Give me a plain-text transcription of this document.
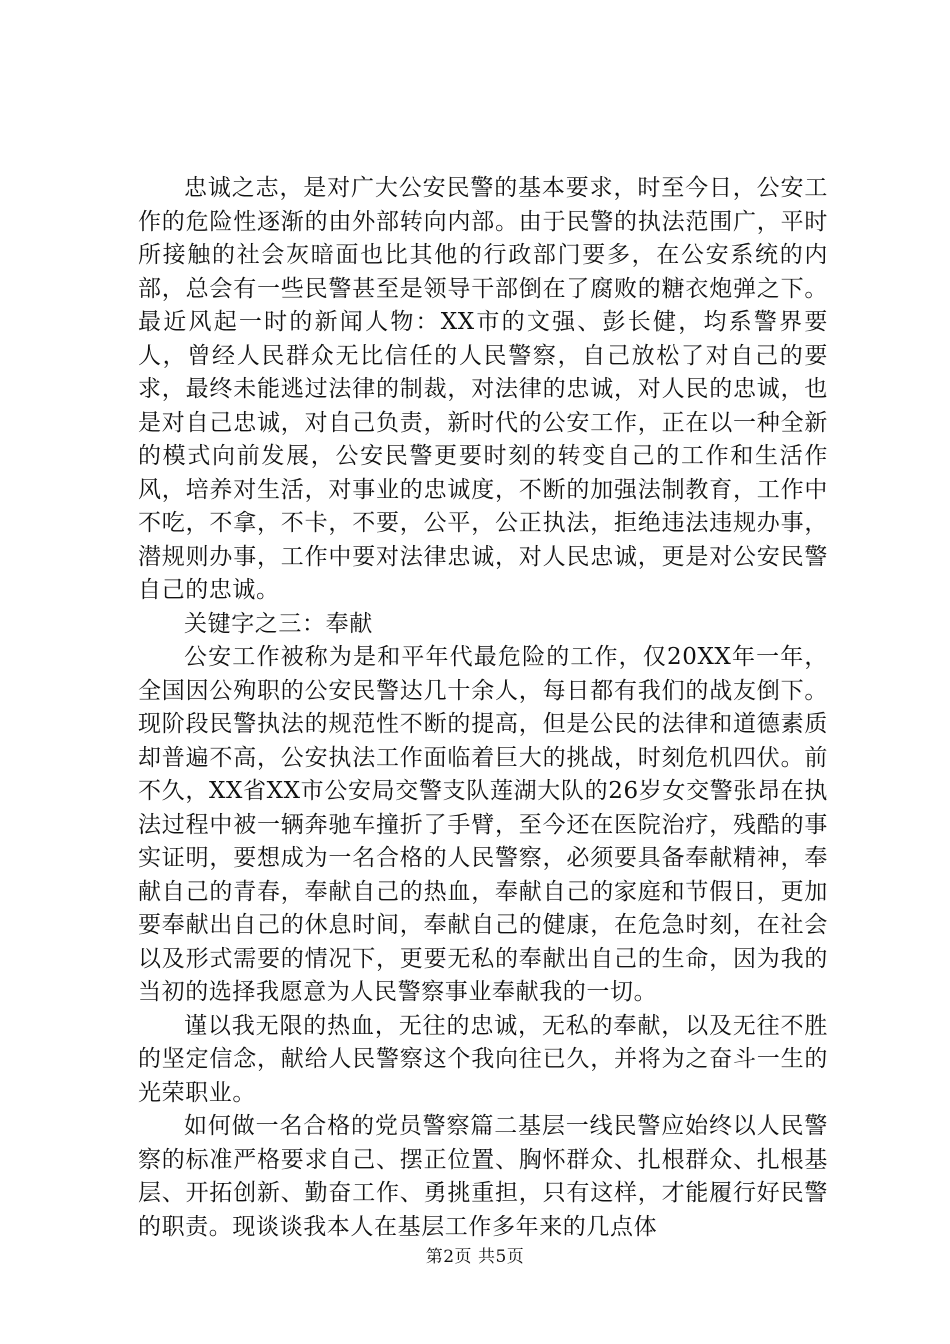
忠诚之志，是对广大公安民警的基本要求，时至今日，公安工作的危险性逐渐的由外部转向内部。由于民警的执法范围广，平时所接触的社会灰暗面也比其他的行政部门要多，在公安系统的内部，总会有一些民警甚至是领导干部倒在了腐败的糖衣炮弹之下。最近风起一时的新闻人物：XX市的文强、彭长健，均系警界要人，曾经人民群众无比信任的人民警察，自己放松了对自己的要求，最终未能逃过法律的制裁，对法律的忠诚，对人民的忠诚，也是对自己忠诚，对自己负责，新时代的公安工作，正在以一种全新的模式向前发展，公安民警更要时刻的转变自己的工作和生活作风，培养对生活，对事业的忠诚度，不断的加强法制教育，工作中不吃，不拿，不卡，不要，公平，公正执法，拒绝违法违规办事，潜规则办事，工作中要对法律忠诚，对人民忠诚，更是对公安民警自己的忠诚。

关键字之三：奉献

公安工作被称为是和平年代最危险的工作，仅20XX年一年，全国因公殉职的公安民警达几十余人，每日都有我们的战友倒下。现阶段民警执法的规范性不断的提高，但是公民的法律和道德素质却普遍不高，公安执法工作面临着巨大的挑战，时刻危机四伏。前不久，XX省XX市公安局交警支队莲湖大队的26岁女交警张昂在执法过程中被一辆奔驰车撞折了手臂，至今还在医院治疗，残酷的事实证明，要想成为一名合格的人民警察，必须要具备奉献精神，奉献自己的青春，奉献自己的热血，奉献自己的家庭和节假日，更加要奉献出自己的休息时间，奉献自己的健康，在危急时刻，在社会以及形式需要的情况下，更要无私的奉献出自己的生命，因为我的当初的选择我愿意为人民警察事业奉献我的一切。

谨以我无限的热血，无往的忠诚，无私的奉献，以及无往不胜的坚定信念，献给人民警察这个我向往已久，并将为之奋斗一生的光荣职业。

如何做一名合格的党员警察篇二基层一线民警应始终以人民警察的标准严格要求自己、摆正位置、胸怀群众、扎根群众、扎根基层、开拓创新、勤奋工作、勇挑重担，只有这样，才能履行好民警的职责。现谈谈我本人在基层工作多年来的几点体

第2页 共5页
